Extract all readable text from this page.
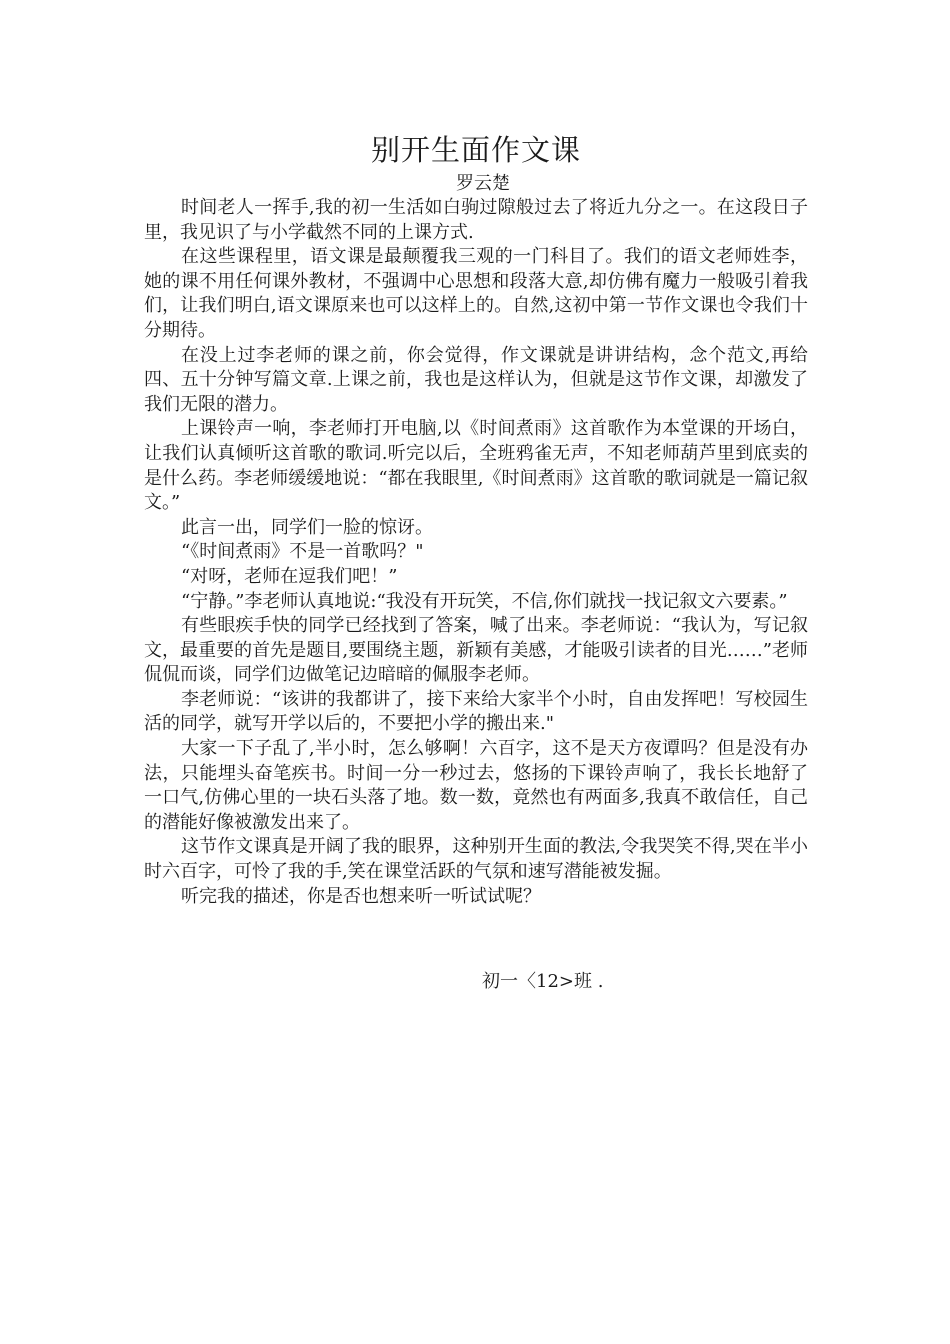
别开生面作文课

罗云楚

时间老人一挥手,我的初一生活如白驹过隙般过去了将近九分之一。在这段日子里，我见识了与小学截然不同的上课方式.

在这些课程里，语文课是最颠覆我三观的一门科目了。我们的语文老师姓李，她的课不用任何课外教材，不强调中心思想和段落大意,却仿佛有魔力一般吸引着我们，让我们明白,语文课原来也可以这样上的。自然,这初中第一节作文课也令我们十分期待。

在没上过李老师的课之前，你会觉得，作文课就是讲讲结构，念个范文,再给四、五十分钟写篇文章.上课之前，我也是这样认为，但就是这节作文课，却激发了我们无限的潜力。

上课铃声一响，李老师打开电脑,以《时间煮雨》这首歌作为本堂课的开场白，让我们认真倾听这首歌的歌词.听完以后，全班鸦雀无声，不知老师葫芦里到底卖的是什么药。李老师缓缓地说：“都在我眼里,《时间煮雨》这首歌的歌词就是一篇记叙文。”

此言一出，同学们一脸的惊讶。

“《时间煮雨》不是一首歌吗？"

“对呀，老师在逗我们吧！”

“宁静。”李老师认真地说:“我没有开玩笑，不信,你们就找一找记叙文六要素。”

有些眼疾手快的同学已经找到了答案，喊了出来。李老师说：“我认为，写记叙文，最重要的首先是题目,要围绕主题，新颖有美感，才能吸引读者的目光……”老师侃侃而谈，同学们边做笔记边暗暗的佩服李老师。

李老师说：“该讲的我都讲了，接下来给大家半个小时，自由发挥吧！写校园生活的同学，就写开学以后的，不要把小学的搬出来."

大家一下子乱了,半小时，怎么够啊！六百字，这不是天方夜谭吗？但是没有办法，只能埋头奋笔疾书。时间一分一秒过去，悠扬的下课铃声响了，我长长地舒了一口气,仿佛心里的一块石头落了地。数一数，竟然也有两面多,我真不敢信任，自己的潜能好像被激发出来了。

这节作文课真是开阔了我的眼界，这种别开生面的教法,令我哭笑不得,哭在半小时六百字，可怜了我的手,笑在课堂活跃的气氛和速写潜能被发掘。

听完我的描述，你是否也想来听一听试试呢？

初一〈12>班 .
